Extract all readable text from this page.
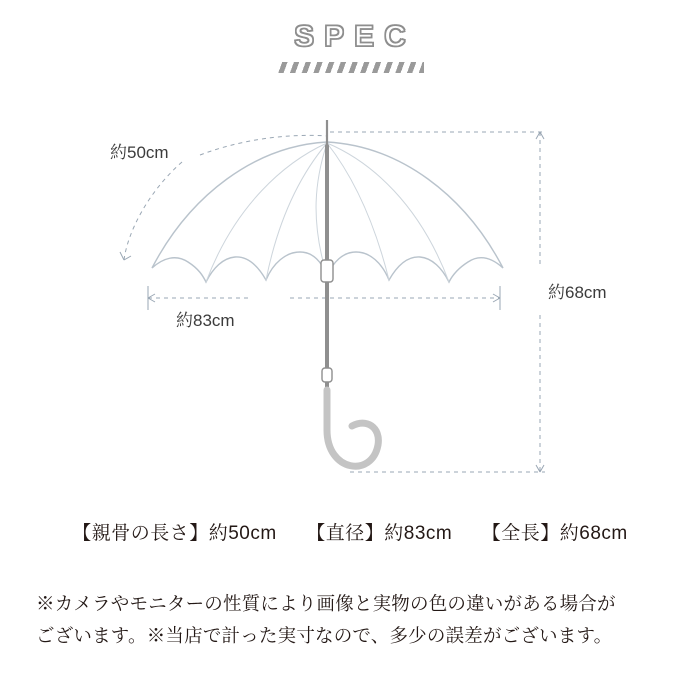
SPEC
約50cm
約83cm
約68cm
【親骨の長さ】約50cm 【直径】約83cm 【全長】約68cm
※カメラやモニターの性質により画像と実物の色の違いがある場合が
ございます。※当店で計った実寸なので、多少の誤差がございます。
